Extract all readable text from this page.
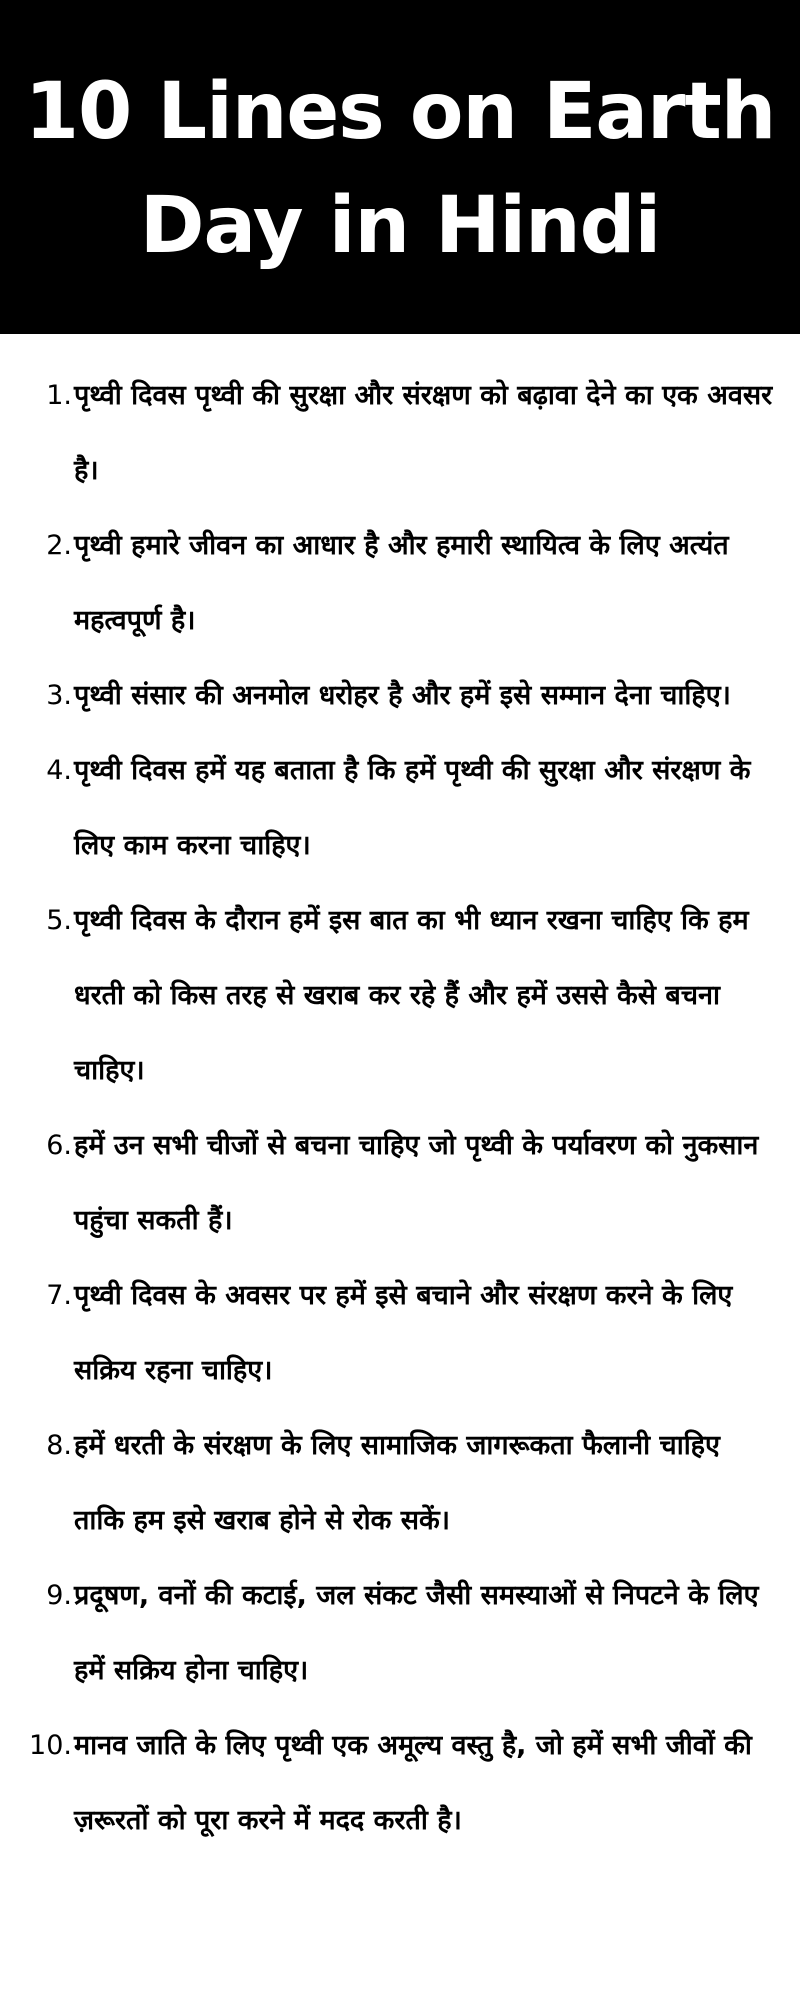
10 Lines on Earth
Day in Hindi
1. पृथ्वी दिवस पृथ्वी की सुरक्षा और संरक्षण को बढ़ावा देने का एक अवसर है।
2. पृथ्वी हमारे जीवन का आधार है और हमारी स्थायित्व के लिए अत्यंत महत्वपूर्ण है।
3. पृथ्वी संसार की अनमोल धरोहर है और हमें इसे सम्मान देना चाहिए।
4. पृथ्वी दिवस हमें यह बताता है कि हमें पृथ्वी की सुरक्षा और संरक्षण के लिए काम करना चाहिए।
5. पृथ्वी दिवस के दौरान हमें इस बात का भी ध्यान रखना चाहिए कि हम धरती को किस तरह से खराब कर रहे हैं और हमें उससे कैसे बचना चाहिए।
6. हमें उन सभी चीजों से बचना चाहिए जो पृथ्वी के पर्यावरण को नुकसान पहुंचा सकती हैं।
7. पृथ्वी दिवस के अवसर पर हमें इसे बचाने और संरक्षण करने के लिए सक्रिय रहना चाहिए।
8. हमें धरती के संरक्षण के लिए सामाजिक जागरूकता फैलानी चाहिए ताकि हम इसे खराब होने से रोक सकें।
9. प्रदूषण, वनों की कटाई, जल संकट जैसी समस्याओं से निपटने के लिए हमें सक्रिय होना चाहिए।
10. मानव जाति के लिए पृथ्वी एक अमूल्य वस्तु है, जो हमें सभी जीवों की ज़रूरतों को पूरा करने में मदद करती है।
